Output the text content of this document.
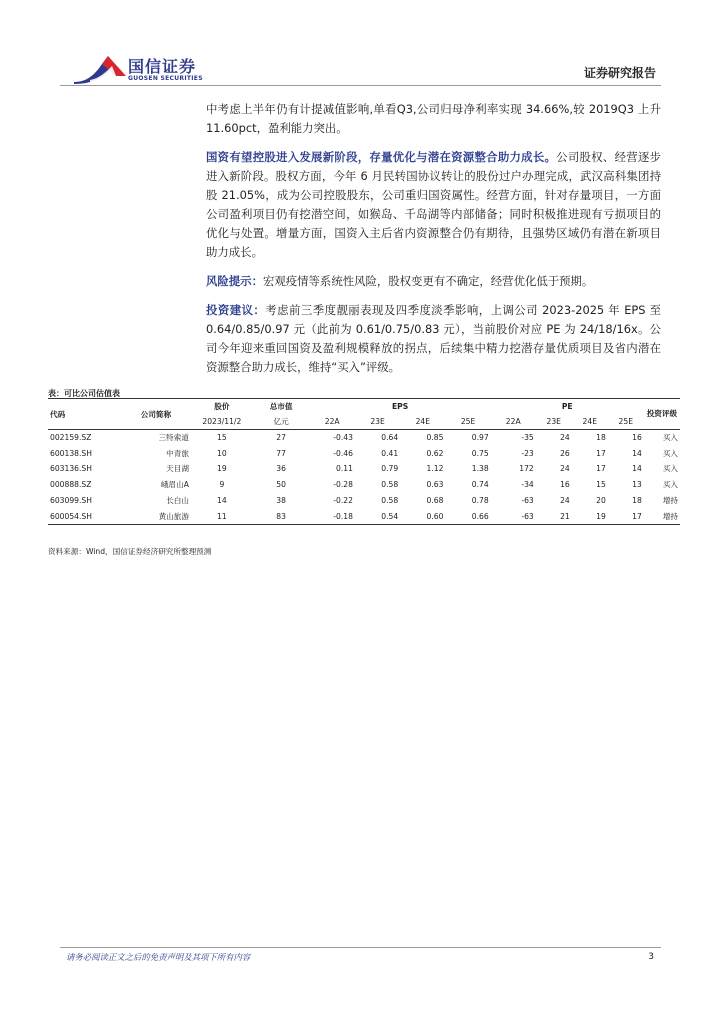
国信证券
GUOSEN SECURITIES	证券研究报告

中考虑上半年仍有计提减值影响,单看Q3,公司归母净利率实现 34.66%,较 2019Q3 上升 11.60pct，盈利能力突出。

国资有望控股进入发展新阶段，存量优化与潜在资源整合助力成长。公司股权、经营逐步进入新阶段。股权方面，今年 6 月民转国协议转让的股份过户办理完成，武汉高科集团持股 21.05%，成为公司控股股东，公司重归国资属性。经营方面，针对存量项目，一方面公司盈利项目仍有挖潜空间，如猴岛、千岛湖等内部储备；同时积极推进现有亏损项目的优化与处置。增量方面，国资入主后省内资源整合仍有期待，且强势区域仍有潜在新项目助力成长。

风险提示：宏观疫情等系统性风险，股权变更有不确定，经营优化低于预期。

投资建议：考虑前三季度靓丽表现及四季度淡季影响，上调公司 2023-2025 年 EPS 至 0.64/0.85/0.97 元（此前为 0.61/0.75/0.83 元），当前股价对应 PE 为 24/18/16x。公司今年迎来重回国资及盈利规模释放的拐点，后续集中精力挖潜存量优质项目及省内潜在资源整合助力成长，维持“买入”评级。

表：可比公司估值表
代码	公司简称	股价	总市值	EPS				PE				投资评级
		2023/11/2	亿元	22A	23E	24E	25E	22A	23E	24E	25E	
002159.SZ	三特索道	15	27	-0.43	0.64	0.85	0.97	-35	24	18	16	买入
600138.SH	中青旅	10	77	-0.46	0.41	0.62	0.75	-23	26	17	14	买入
603136.SH	天目湖	19	36	0.11	0.79	1.12	1.38	172	24	17	14	买入
000888.SZ	峨眉山A	9	50	-0.28	0.58	0.63	0.74	-34	16	15	13	买入
603099.SH	长白山	14	38	-0.22	0.58	0.68	0.78	-63	24	20	18	增持
600054.SH	黄山旅游	11	83	-0.18	0.54	0.60	0.66	-63	21	19	17	增持
资料来源：Wind，国信证券经济研究所整理预测
请务必阅读正文之后的免责声明及其项下所有内容	3
